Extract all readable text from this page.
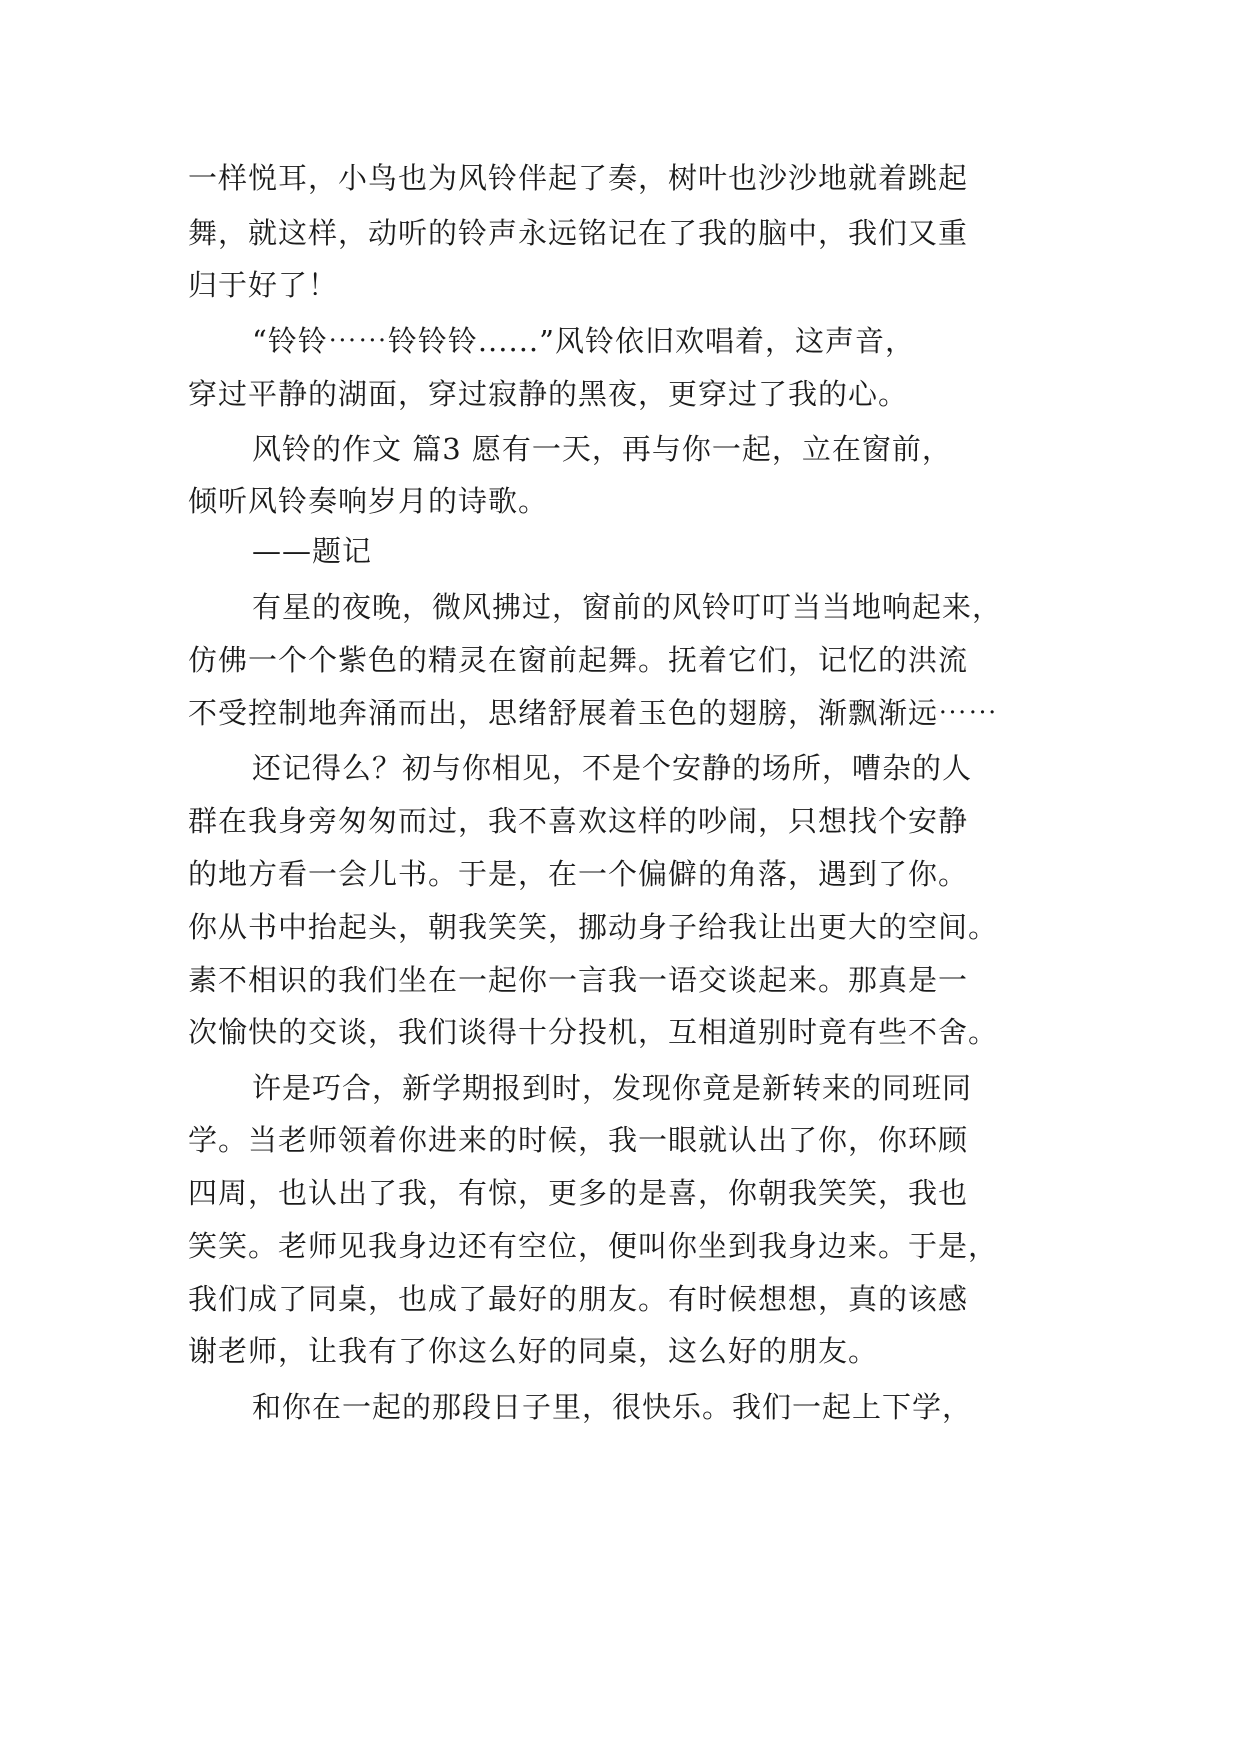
一样悦耳，小鸟也为风铃伴起了奏，树叶也沙沙地就着跳起
舞，就这样，动听的铃声永远铭记在了我的脑中，我们又重
归于好了！
“铃铃⋯⋯铃铃铃......”风铃依旧欢唱着，这声音，
穿过平静的湖面，穿过寂静的黑夜，更穿过了我的心。
风铃的作文 篇3 愿有一天，再与你一起，立在窗前，
倾听风铃奏响岁月的诗歌。
——题记
有星的夜晚，微风拂过，窗前的风铃叮叮当当地响起来，
仿佛一个个紫色的精灵在窗前起舞。抚着它们，记忆的洪流
不受控制地奔涌而出，思绪舒展着玉色的翅膀，渐飘渐远⋯⋯
还记得么？初与你相见，不是个安静的场所，嘈杂的人
群在我身旁匆匆而过，我不喜欢这样的吵闹，只想找个安静
的地方看一会儿书。于是，在一个偏僻的角落，遇到了你。
你从书中抬起头，朝我笑笑，挪动身子给我让出更大的空间。
素不相识的我们坐在一起你一言我一语交谈起来。那真是一
次愉快的交谈，我们谈得十分投机，互相道别时竟有些不舍。
许是巧合，新学期报到时，发现你竟是新转来的同班同
学。当老师领着你进来的时候，我一眼就认出了你，你环顾
四周，也认出了我，有惊，更多的是喜，你朝我笑笑，我也
笑笑。老师见我身边还有空位，便叫你坐到我身边来。于是，
我们成了同桌，也成了最好的朋友。有时候想想，真的该感
谢老师，让我有了你这么好的同桌，这么好的朋友。
和你在一起的那段日子里，很快乐。我们一起上下学，
